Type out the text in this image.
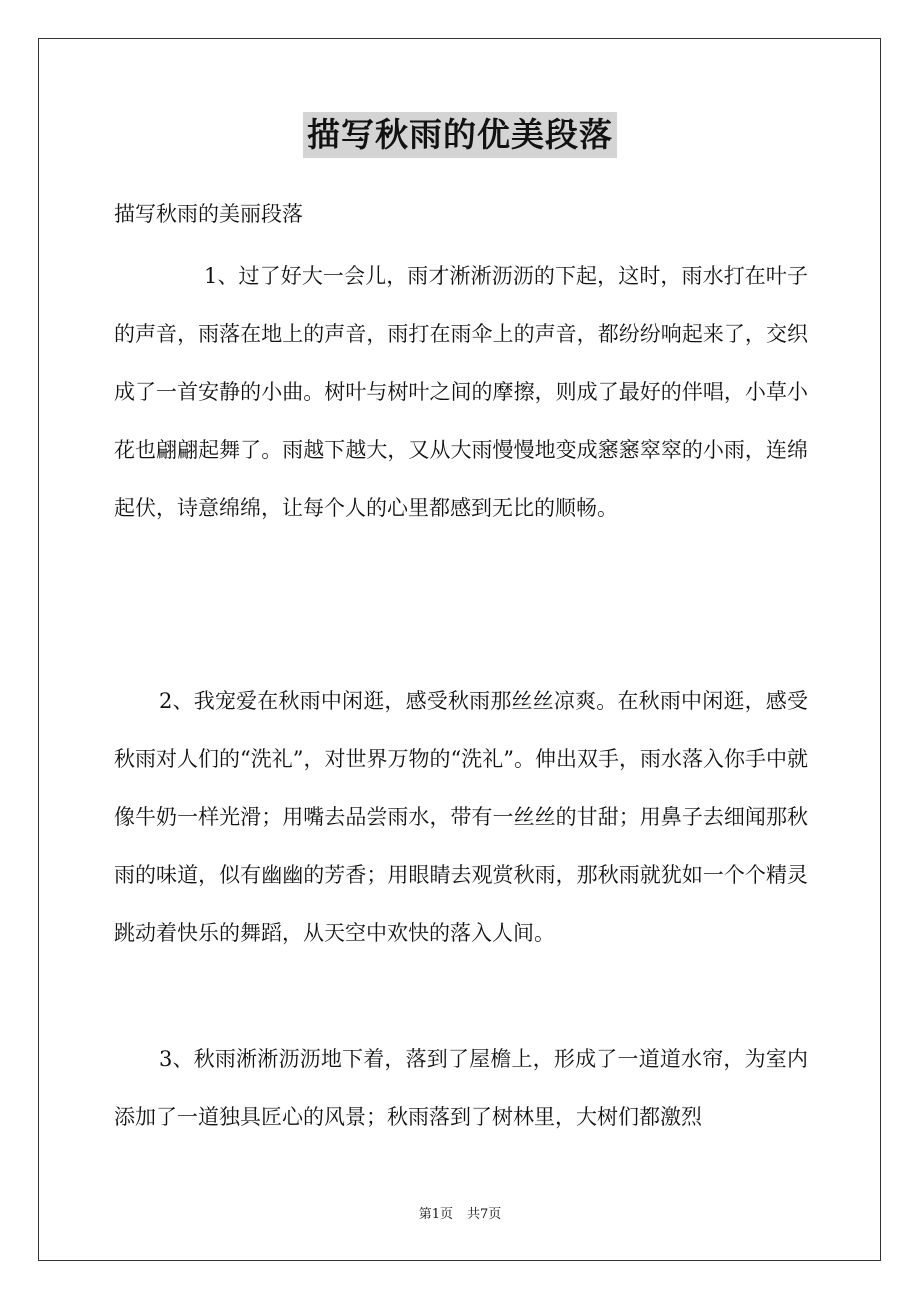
描写秋雨的优美段落
描写秋雨的美丽段落

1、过了好大一会儿，雨才淅淅沥沥的下起，这时，雨水打在叶子的声音，雨落在地上的声音，雨打在雨伞上的声音，都纷纷响起来了，交织成了一首安静的小曲。树叶与树叶之间的摩擦，则成了最好的伴唱，小草小花也翩翩起舞了。雨越下越大，又从大雨慢慢地变成窸窸窣窣的小雨，连绵起伏，诗意绵绵，让每个人的心里都感到无比的顺畅。

2、我宠爱在秋雨中闲逛，感受秋雨那丝丝凉爽。在秋雨中闲逛，感受秋雨对人们的“洗礼”，对世界万物的“洗礼”。伸出双手，雨水落入你手中就像牛奶一样光滑；用嘴去品尝雨水，带有一丝丝的甘甜；用鼻子去细闻那秋雨的味道，似有幽幽的芳香；用眼睛去观赏秋雨，那秋雨就犹如一个个精灵跳动着快乐的舞蹈，从天空中欢快的落入人间。

3、秋雨淅淅沥沥地下着，落到了屋檐上，形成了一道道水帘，为室内添加了一道独具匠心的风景；秋雨落到了树林里，大树们都激烈

第1页 共7页
